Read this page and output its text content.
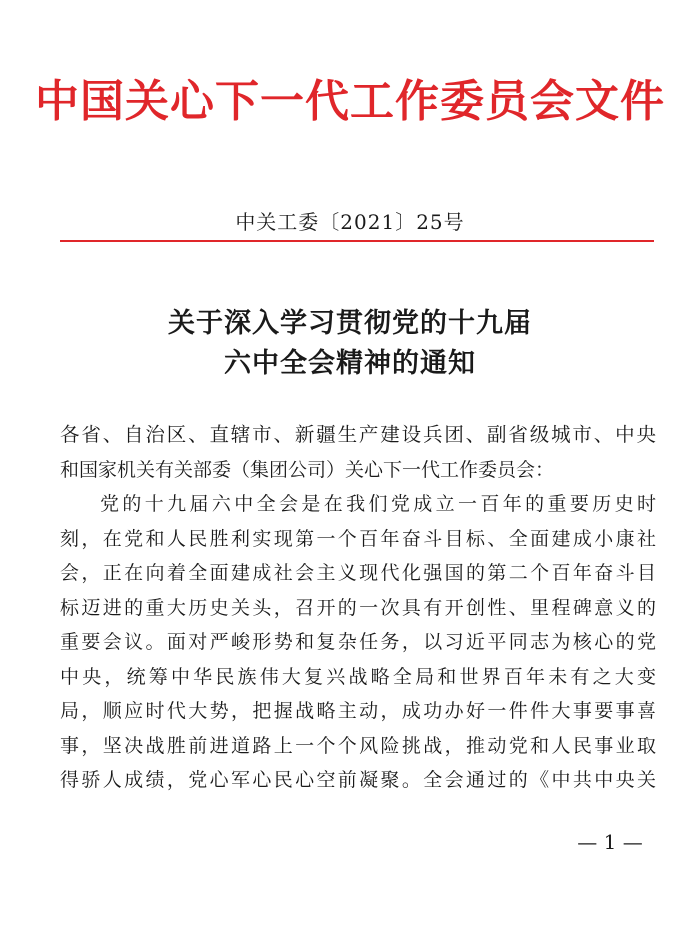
中国关心下一代工作委员会文件
中关工委〔2021〕25号
关于深入学习贯彻党的十九届
六中全会精神的通知
各省、自治区、直辖市、新疆生产建设兵团、副省级城市、中央
和国家机关有关部委（集团公司）关心下一代工作委员会：
党的十九届六中全会是在我们党成立一百年的重要历史时
刻，在党和人民胜利实现第一个百年奋斗目标、全面建成小康社
会，正在向着全面建成社会主义现代化强国的第二个百年奋斗目
标迈进的重大历史关头，召开的一次具有开创性、里程碑意义的
重要会议。面对严峻形势和复杂任务，以习近平同志为核心的党
中央，统筹中华民族伟大复兴战略全局和世界百年未有之大变
局，顺应时代大势，把握战略主动，成功办好一件件大事要事喜
事，坚决战胜前进道路上一个个风险挑战，推动党和人民事业取
得骄人成绩，党心军心民心空前凝聚。全会通过的《中共中央关
— 1 —
